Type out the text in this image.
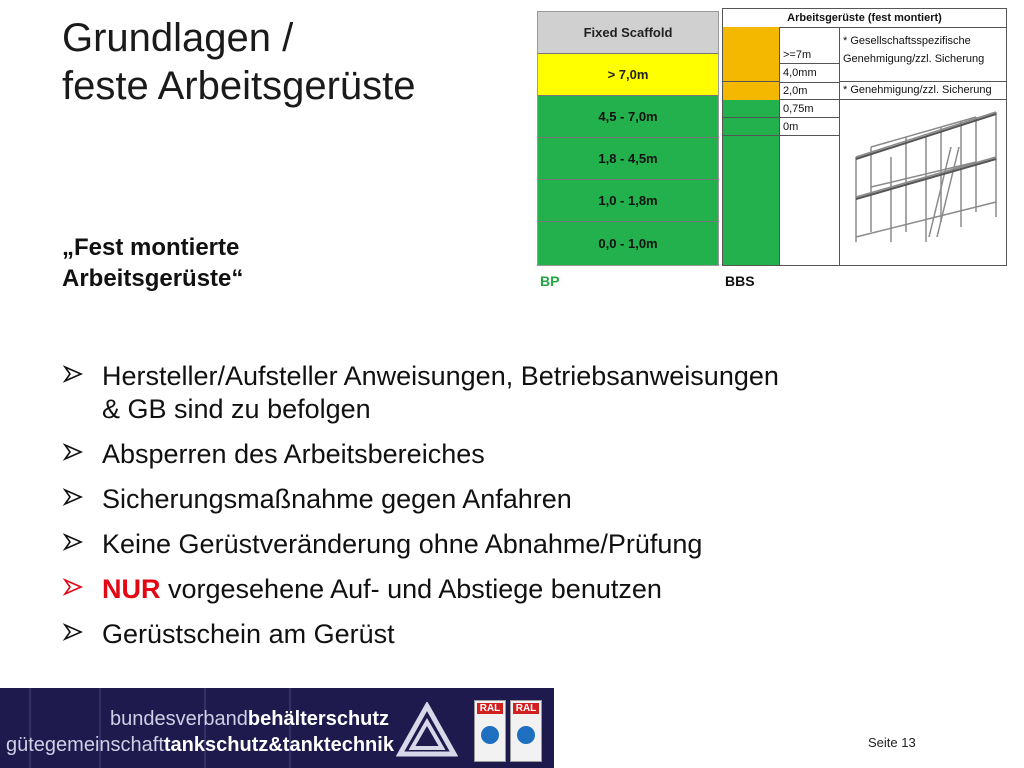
Grundlagen /
feste Arbeitsgerüste
„Fest montierte
Arbeitsgerüste“
Fixed Scaffold
> 7,0m
4,5 - 7,0m
1,8 - 4,5m
1,0 - 1,8m
0,0 - 1,0m
BP
Arbeitsgerüste (fest montiert)
>=7m
4,0mm
2,0m
0,75m
0m
* Gesellschaftsspezifische
Genehmigung/zzl. Sicherung
* Genehmigung/zzl. Sicherung
BBS
Hersteller/Aufsteller Anweisungen, Betriebsanweisungen
& GB sind zu befolgen
Absperren des Arbeitsbereiches
Sicherungsmaßnahme gegen Anfahren
Keine Gerüstveränderung ohne Abnahme/Prüfung
NUR vorgesehene Auf- und Abstiege benutzen
Gerüstschein am Gerüst
bundesverbandbehälterschutz
gütegemeinschafttankschutz&tanktechnik
RAL RAL
Seite 13
